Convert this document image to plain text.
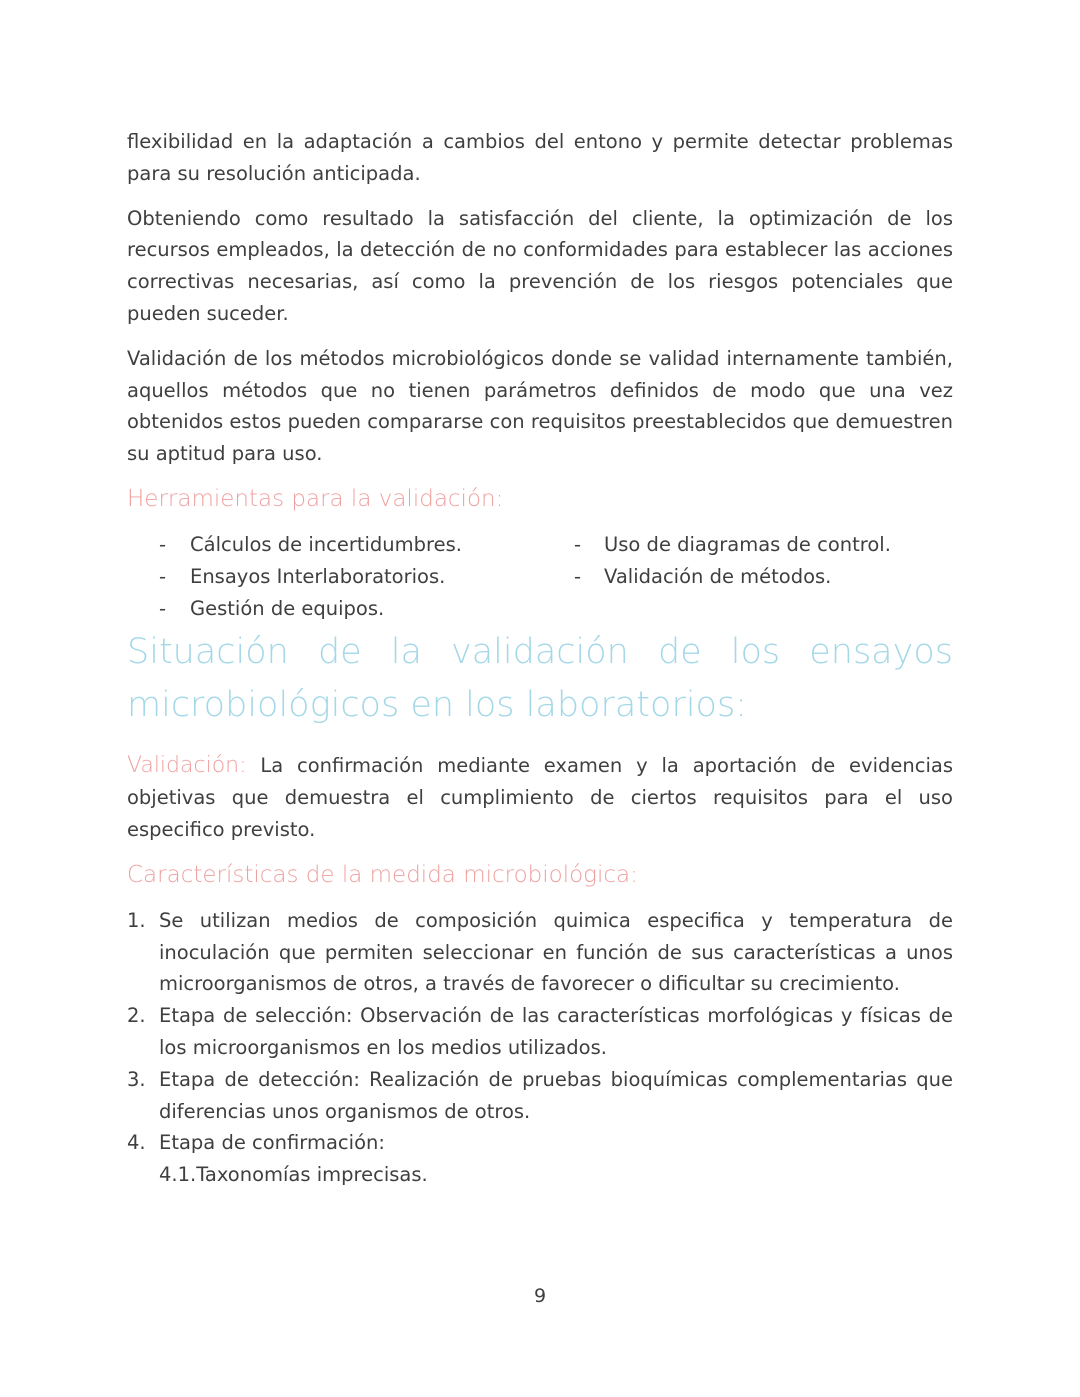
flexibilidad en la adaptación a cambios del entono y permite detectar problemas para su resolución anticipada.

Obteniendo como resultado la satisfacción del cliente, la optimización de los recursos empleados, la detección de no conformidades para establecer las acciones correctivas necesarias, así como la prevención de los riesgos potenciales que pueden suceder.

Validación de los métodos microbiológicos donde se validad internamente también, aquellos métodos que no tienen parámetros definidos de modo que una vez obtenidos estos pueden compararse con requisitos preestablecidos que demuestren su aptitud para uso.

Herramientas para la validación:
-	Cálculos de incertidumbres.
-	Ensayos Interlaboratorios.
-	Gestión de equipos.
-	Uso de diagramas de control.
-	Validación de métodos.
Situación de la validación de los ensayos microbiológicos en los laboratorios:

Validación: La confirmación mediante examen y la aportación de evidencias objetivas que demuestra el cumplimiento de ciertos requisitos para el uso especifico previsto.

Características de la medida microbiológica:
1. Se utilizan medios de composición quimica especifica y temperatura de inoculación que permiten seleccionar en función de sus características a unos microorganismos de otros, a través de favorecer o dificultar su crecimiento.
2. Etapa de selección: Observación de las características morfológicas y físicas de los microorganismos en los medios utilizados.
3. Etapa de detección: Realización de pruebas bioquímicas complementarias que diferencias unos organismos de otros.
4. Etapa de confirmación:
4.1. Taxonomías imprecisas.
9
